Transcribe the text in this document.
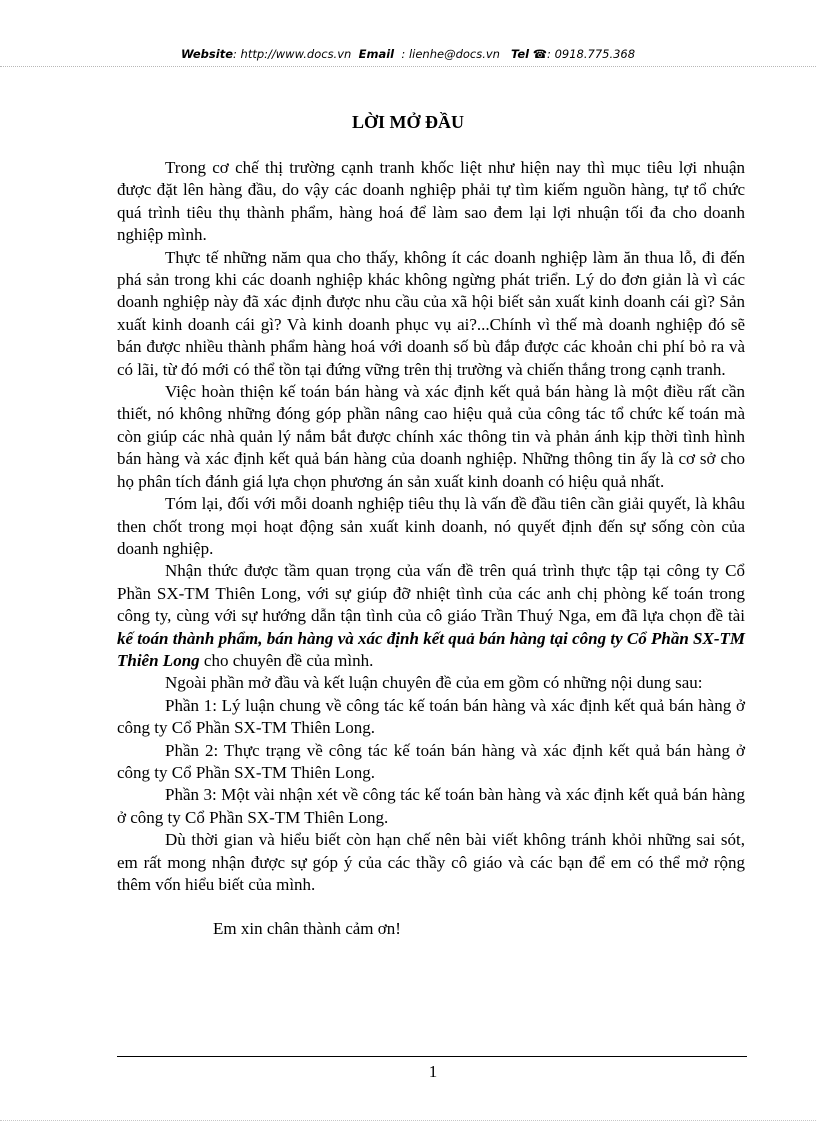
Website: http://www.docs.vn Email : lienhe@docs.vn Tel ☎: 0918.775.368
LỜI MỞ ĐẦU

Trong cơ chế thị trường cạnh tranh khốc liệt như hiện nay thì mục tiêu lợi nhuận được đặt lên hàng đầu, do vậy các doanh nghiệp phải tự tìm kiếm nguồn hàng, tự tổ chức quá trình tiêu thụ thành phẩm, hàng hoá để làm sao đem lại lợi nhuận tối đa cho doanh nghiệp mình.

Thực tế những năm qua cho thấy, không ít các doanh nghiệp làm ăn thua lỗ, đi đến phá sản trong khi các doanh nghiệp khác không ngừng phát triển. Lý do đơn giản là vì các doanh nghiệp này đã xác định được nhu cầu của xã hội biết sản xuất kinh doanh cái gì? Sản xuất kinh doanh cái gì? Và kinh doanh phục vụ ai?...Chính vì thế mà doanh nghiệp đó sẽ bán được nhiều thành phẩm hàng hoá với doanh số bù đắp được các khoản chi phí bỏ ra và có lãi, từ đó mới có thể tồn tại đứng vững trên thị trường và chiến thắng trong cạnh tranh.

Việc hoàn thiện kế toán bán hàng và xác định kết quả bán hàng là một điều rất cần thiết, nó không những đóng góp phần nâng cao hiệu quả của công tác tổ chức kế toán mà còn giúp các nhà quản lý nắm bắt được chính xác thông tin và phản ánh kịp thời tình hình bán hàng và xác định kết quả bán hàng của doanh nghiệp. Những thông tin ấy là cơ sở cho họ phân tích đánh giá lựa chọn phương án sản xuất kinh doanh có hiệu quả nhất.

Tóm lại, đối với mỗi doanh nghiệp tiêu thụ là vấn đề đầu tiên cần giải quyết, là khâu then chốt trong mọi hoạt động sản xuất kinh doanh, nó quyết định đến sự sống còn của doanh nghiệp.

Nhận thức được tầm quan trọng của vấn đề trên quá trình thực tập tại công ty Cổ Phần SX-TM Thiên Long, với sự giúp đỡ nhiệt tình của các anh chị phòng kế toán trong công ty, cùng với sự hướng dẫn tận tình của cô giáo Trần Thuý Nga, em đã lựa chọn đề tài kế toán thành phẩm, bán hàng và xác định kết quả bán hàng tại công ty Cổ Phần SX-TM Thiên Long cho chuyên đề của mình.

Ngoài phần mở đầu và kết luận chuyên đề của em gồm có những nội dung sau:

Phần 1: Lý luận chung về công tác kế toán bán hàng và xác định kết quả bán hàng ở công ty Cổ Phần SX-TM Thiên Long.

Phần 2: Thực trạng về công tác kế toán bán hàng và xác định kết quả bán hàng ở công ty Cổ Phần SX-TM Thiên Long.

Phần 3: Một vài nhận xét về công tác kế toán bàn hàng và xác định kết quả bán hàng ở công ty Cổ Phần SX-TM Thiên Long.

Dù thời gian và hiểu biết còn hạn chế nên bài viết không tránh khỏi những sai sót, em rất mong nhận được sự góp ý của các thầy cô giáo và các bạn để em có thể mở rộng thêm vốn hiểu biết của mình.

Em xin chân thành cảm ơn!

1
